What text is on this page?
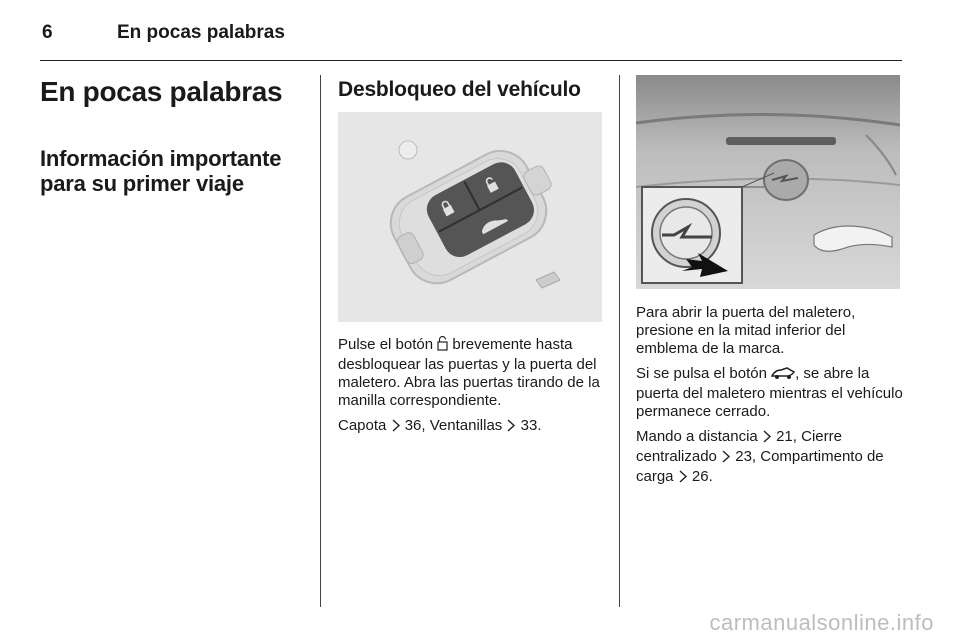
6	En pocas palabras
En pocas palabras
Información importante para su primer viaje
Desbloqueo del vehículo

Pulse el botón brevemente hasta desbloquear las puertas y la puerta del maletero. Abra las puertas tirando de la manilla correspondiente.

Capota 36, Ventanillas 33.

Para abrir la puerta del maletero, presione en la mitad inferior del emblema de la marca.

Si se pulsa el botón , se abre la puerta del maletero mientras el vehículo permanece cerrado.

Mando a distancia 21, Cierre centralizado 23, Compartimento de carga 26.

carmanualsonline.info
